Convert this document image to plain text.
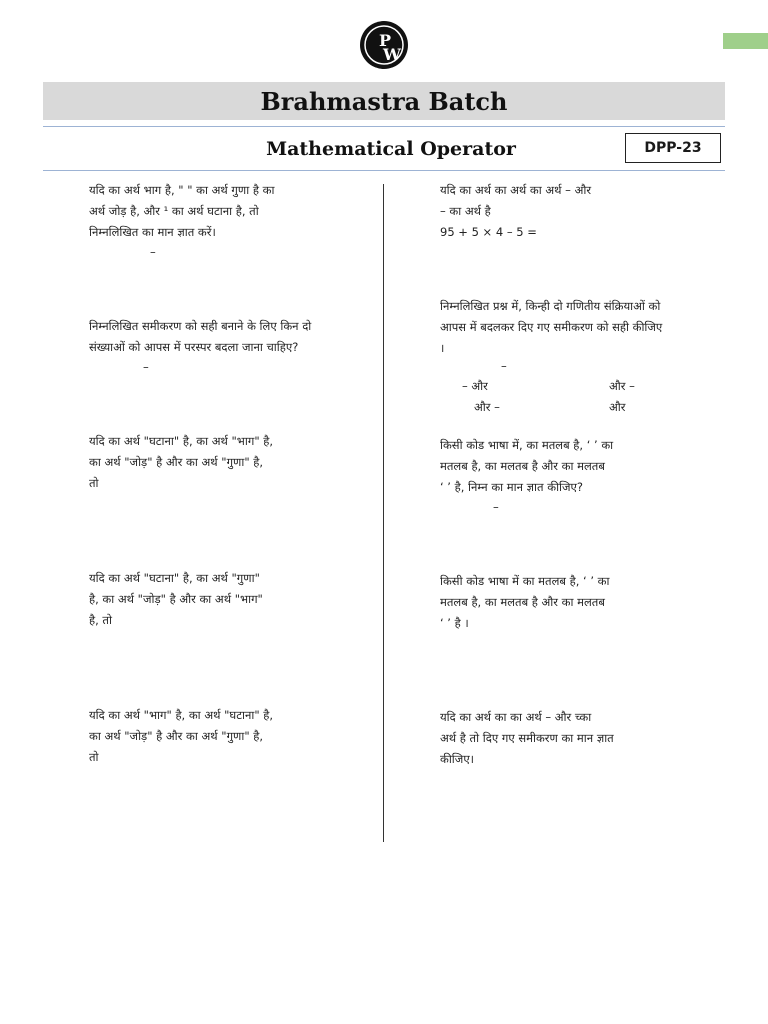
P
W
Brahmastra Batch
Mathematical Operator	DPP-23

यदि का अर्थ भाग है, " " का अर्थ गुणा है का

अर्थ जोड़ है, और ¹ का अर्थ घटाना है, तो

निम्नलिखित का मान ज्ञात करें।

–

निम्नलिखित समीकरण को सही बनाने के लिए किन दो

संख्याओं को आपस में परस्पर बदला जाना चाहिए?

–

यदि का अर्थ "घटाना" है, का अर्थ "भाग" है,

का अर्थ "जोड़" है और का अर्थ "गुणा" है,

तो

यदि का अर्थ "घटाना" है, का अर्थ "गुणा"

है, का अर्थ "जोड़" है और का अर्थ "भाग"

है, तो

यदि का अर्थ "भाग" है, का अर्थ "घटाना" है,

का अर्थ "जोड़" है और का अर्थ "गुणा" है,

तो

यदि का अर्थ का अर्थ का अर्थ – और

– का अर्थ है

95 + 5 × 4 – 5 =

निम्नलिखित प्रश्न में, किन्ही दो गणितीय संक्रियाओं को

आपस में बदलकर दिए गए समीकरण को सही कीजिए

।

–
– और	और –
और –	और

किसी कोड भाषा में, का मतलब है, ‘ ’ का

मतलब है, का मलतब है और का मलतब

‘ ’ है, निम्न का मान ज्ञात कीजिए?

–

किसी कोड भाषा में का मतलब है, ‘ ’ का

मतलब है, का मलतब है और का मलतब

‘ ’ है ।

यदि का अर्थ का का अर्थ – और च्का

अर्थ है तो दिए गए समीकरण का मान ज्ञात

कीजिए।
